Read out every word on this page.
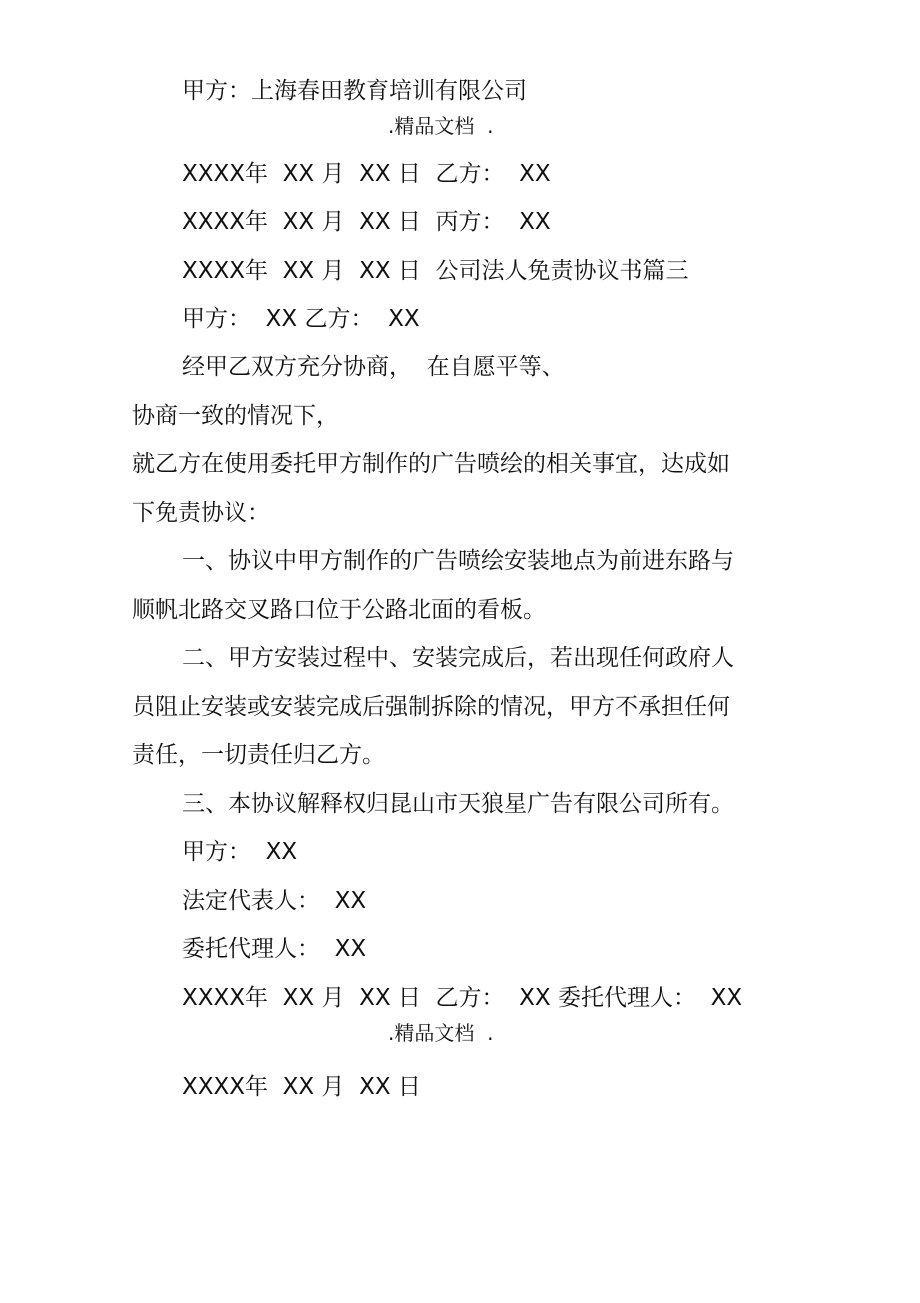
甲方：上海春田教育培训有限公司

.精品文档  .

XXXX年  XX 月  XX 日  乙方：  XX

XXXX年  XX 月  XX 日  丙方：  XX

XXXX年  XX 月  XX 日  公司法人免责协议书篇三

甲方：  XX 乙方：  XX

经甲乙双方充分协商，  在自愿平等、

协商一致的情况下，

就乙方在使用委托甲方制作的广告喷绘的相关事宜，达成如

下免责协议：

一、协议中甲方制作的广告喷绘安装地点为前进东路与

顺帆北路交叉路口位于公路北面的看板。

二、甲方安装过程中、安装完成后，若出现任何政府人

员阻止安装或安装完成后强制拆除的情况，甲方不承担任何

责任，一切责任归乙方。

三、本协议解释权归昆山市天狼星广告有限公司所有。

甲方：  XX

法定代表人：  XX

委托代理人：  XX

XXXX年  XX 月  XX 日  乙方：  XX 委托代理人：  XX

.精品文档  .

XXXX年  XX 月  XX 日
